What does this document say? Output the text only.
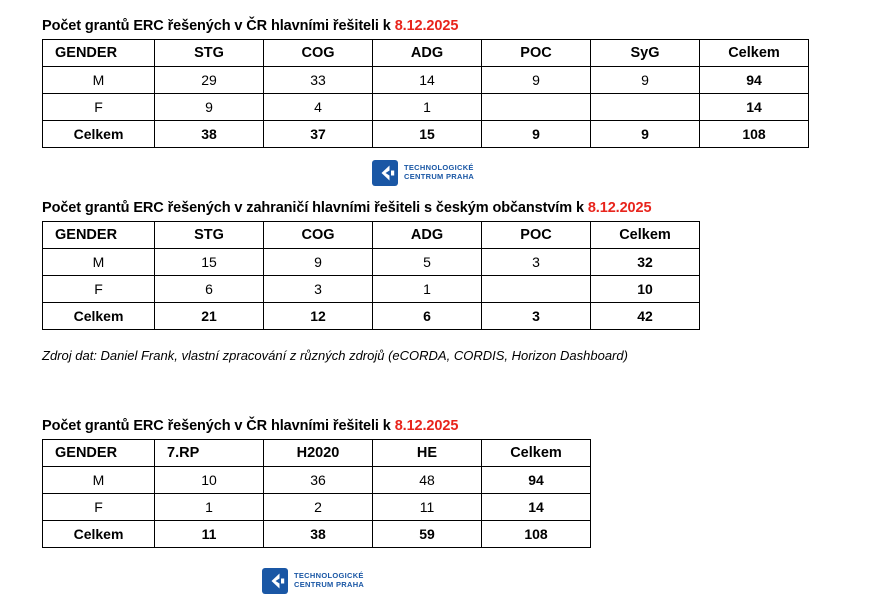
Počet grantů ERC řešených v ČR hlavními řešiteli k 8.12.2025
GENDER	STG	COG	ADG	POC	SyG	Celkem
M	29	33	14	9	9	94
F	9	4	1			14
Celkem	38	37	15	9	9	108
TECHNOLOGICKÉ
CENTRUM PRAHA
Počet grantů ERC řešených v zahraničí hlavními řešiteli s českým občanstvím k 8.12.2025
GENDER	STG	COG	ADG	POC	Celkem
M	15	9	5	3	32
F	6	3	1		10
Celkem	21	12	6	3	42
Zdroj dat: Daniel Frank, vlastní zpracování z různých zdrojů (eCORDA, CORDIS, Horizon Dashboard)
Počet grantů ERC řešených v ČR hlavními řešiteli k 8.12.2025
GENDER	7.RP	H2020	HE	Celkem
M	10	36	48	94
F	1	2	11	14
Celkem	11	38	59	108
TECHNOLOGICKÉ
CENTRUM PRAHA
